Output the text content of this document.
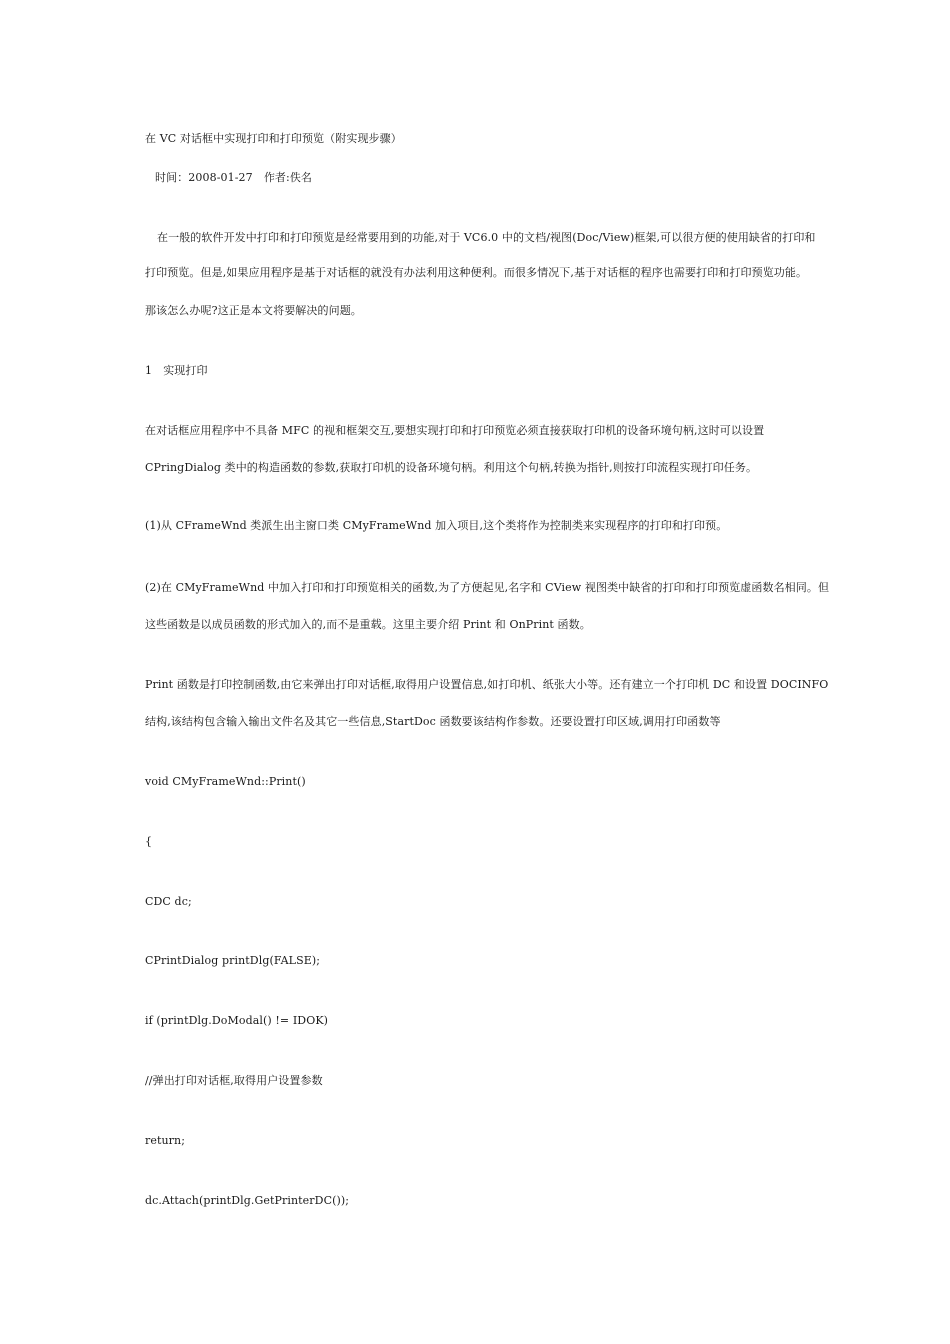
在 VC 对话框中实现打印和打印预览（附实现步骤）
时间：2008-01-27　作者:佚名
在一般的软件开发中打印和打印预览是经常要用到的功能,对于 VC6.0 中的文档/视图(Doc/View)框架,可以很方便的使用缺省的打印和
打印预览。但是,如果应用程序是基于对话框的就没有办法利用这种便利。而很多情况下,基于对话框的程序也需要打印和打印预览功能。
那该怎么办呢?这正是本文将要解决的问题。
1　实现打印
在对话框应用程序中不具备 MFC 的视和框架交互,要想实现打印和打印预览必须直接获取打印机的设备环境句柄,这时可以设置
CPringDialog 类中的构造函数的参数,获取打印机的设备环境句柄。利用这个句柄,转换为指针,则按打印流程实现打印任务。
(1)从 CFrameWnd 类派生出主窗口类 CMyFrameWnd 加入项目,这个类将作为控制类来实现程序的打印和打印预。
(2)在 CMyFrameWnd 中加入打印和打印预览相关的函数,为了方便起见,名字和 CView 视图类中缺省的打印和打印预览虚函数名相同。但
这些函数是以成员函数的形式加入的,而不是重载。这里主要介绍 Print 和 OnPrint 函数。
Print 函数是打印控制函数,由它来弹出打印对话框,取得用户设置信息,如打印机、纸张大小等。还有建立一个打印机 DC 和设置 DOCINFO
结构,该结构包含输入输出文件名及其它一些信息,StartDoc 函数要该结构作参数。还要设置打印区域,调用打印函数等
void CMyFrameWnd::Print()
{
CDC dc;
CPrintDialog printDlg(FALSE);
if (printDlg.DoModal() != IDOK)
//弹出打印对话框,取得用户设置参数
return;
dc.Attach(printDlg.GetPrinterDC());
